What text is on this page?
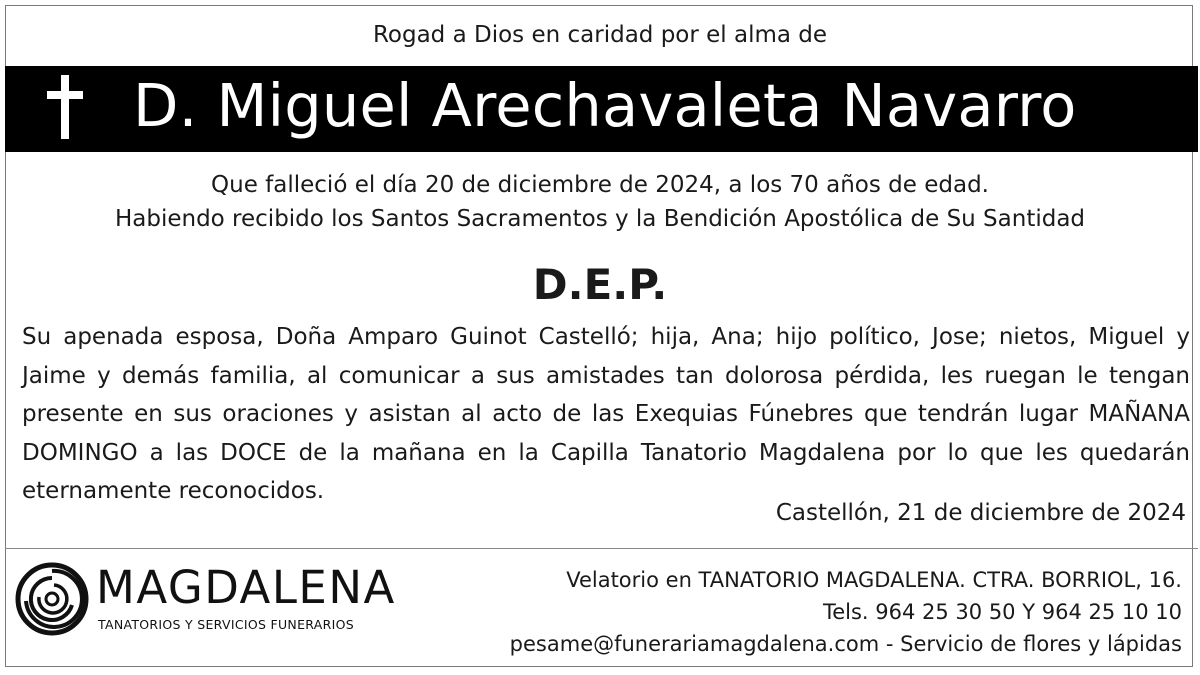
Rogad a Dios en caridad por el alma de
D. Miguel Arechavaleta Navarro
Que falleció el día 20 de diciembre de 2024, a los 70 años de edad.
Habiendo recibido los Santos Sacramentos y la Bendición Apostólica de Su Santidad
D.E.P.
Su apenada esposa, Doña Amparo Guinot Castelló; hija, Ana; hijo político, Jose; nietos, Miguel y
Jaime y demás familia, al comunicar a sus amistades tan dolorosa pérdida, les ruegan le tengan
presente en sus oraciones y asistan al acto de las Exequias Fúnebres que tendrán lugar MAÑANA
DOMINGO a las DOCE de la mañana en la Capilla Tanatorio Magdalena por lo que les quedarán
eternamente reconocidos.
Castellón, 21 de diciembre de 2024
MAGDALENA
TANATORIOS Y SERVICIOS FUNERARIOS
Velatorio en TANATORIO MAGDALENA. CTRA. BORRIOL, 16.
Tels. 964 25 30 50 Y 964 25 10 10
pesame@funerariamagdalena.com - Servicio de flores y lápidas
